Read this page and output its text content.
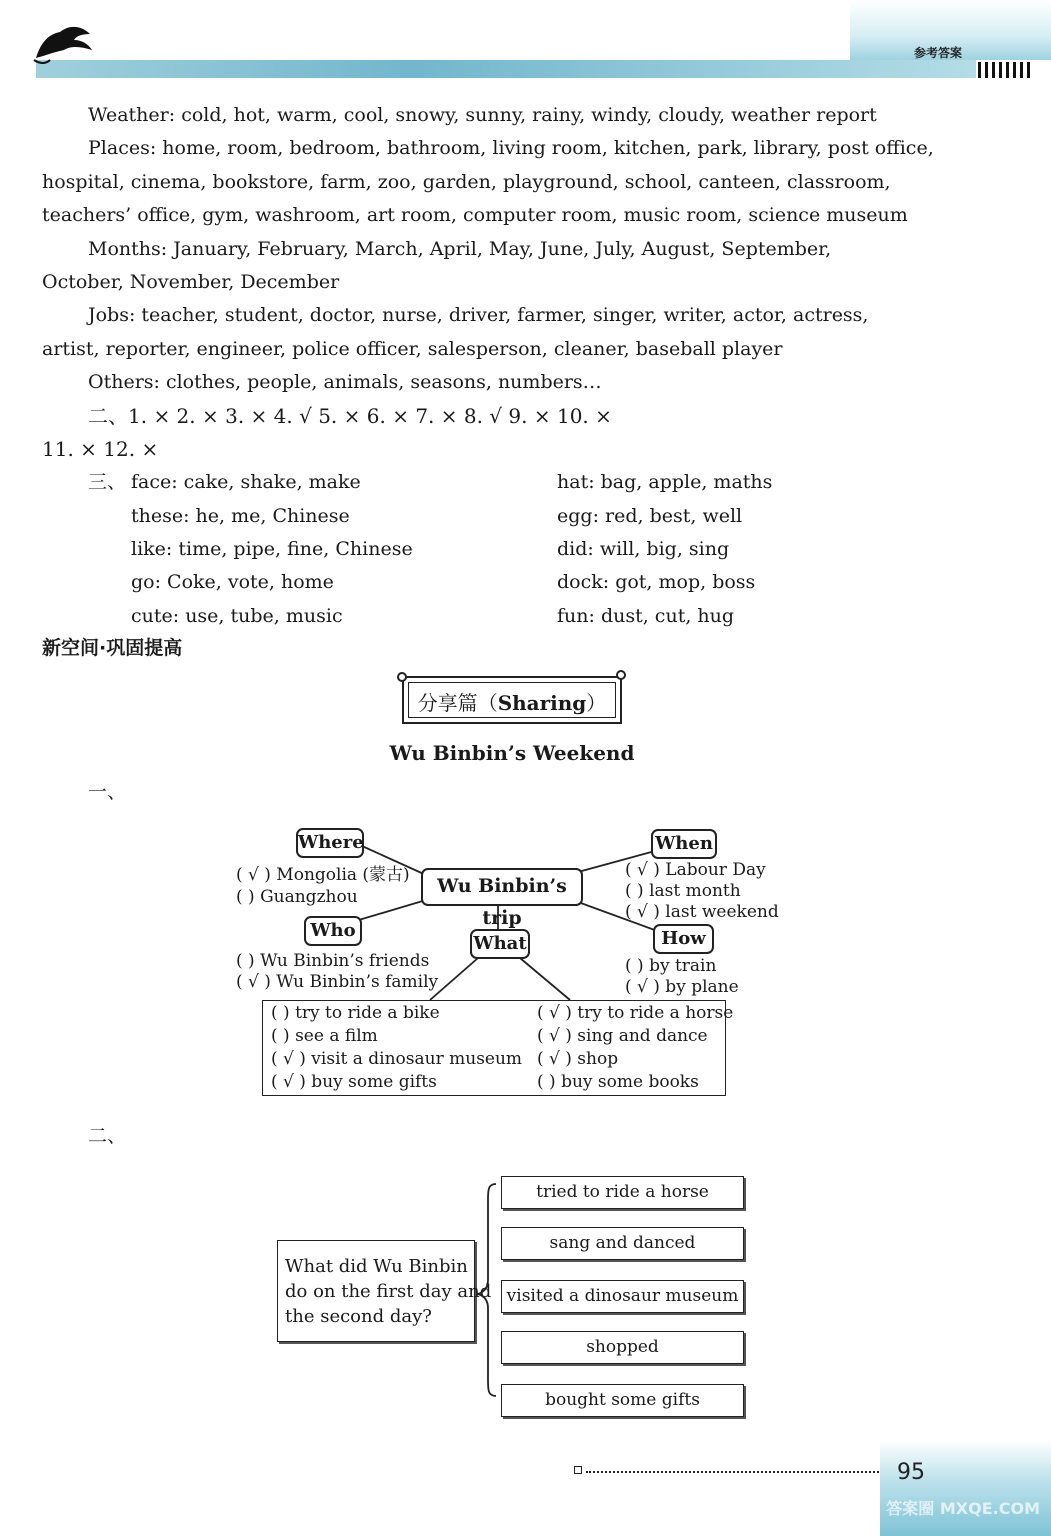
参考答案
Weather: cold, hot, warm, cool, snowy, sunny, rainy, windy, cloudy, weather report
Places: home, room, bedroom, bathroom, living room, kitchen, park, library, post office,
hospital, cinema, bookstore, farm, zoo, garden, playground, school, canteen, classroom,
teachers’ office, gym, washroom, art room, computer room, music room, science museum
Months: January, February, March, April, May, June, July, August, September,
October, November, December
Jobs: teacher, student, doctor, nurse, driver, farmer, singer, writer, actor, actress,
artist, reporter, engineer, police officer, salesperson, cleaner, baseball player
Others: clothes, people, animals, seasons, numbers…
二、1. × 2. × 3. × 4. √ 5. × 6. × 7. × 8. √ 9. × 10. ×
11. × 12. ×
三、 face: cake, shake, make
these: he, me, Chinese
like: time, pipe, fine, Chinese
go: Coke, vote, home
cute: use, tube, music
hat: bag, apple, maths
egg: red, best, well
did: will, big, sing
dock: got, mop, boss
fun: dust, cut, hug
新空间·巩固提高
分享篇（Sharing）
Wu Binbin’s Weekend
一、
Where	When
Wu Binbin’s trip
Who
What	How
( √ ) Mongolia (蒙古)
( ) Guangzhou
( √ ) Labour Day
( ) last month
( √ ) last weekend
( ) Wu Binbin’s friends
( √ ) Wu Binbin’s family
( ) by train
( √ ) by plane
( ) try to ride a bike
( ) see a film
( √ ) visit a dinosaur museum
( √ ) buy some gifts
( √ ) try to ride a horse
( √ ) sing and dance
( √ ) shop
( ) buy some books
二、
What did Wu Binbin
do on the first day and
the second day?
tried to ride a horse
sang and danced
visited a dinosaur museum
shopped
bought some gifts
95
答案圈 MXQE.COM
